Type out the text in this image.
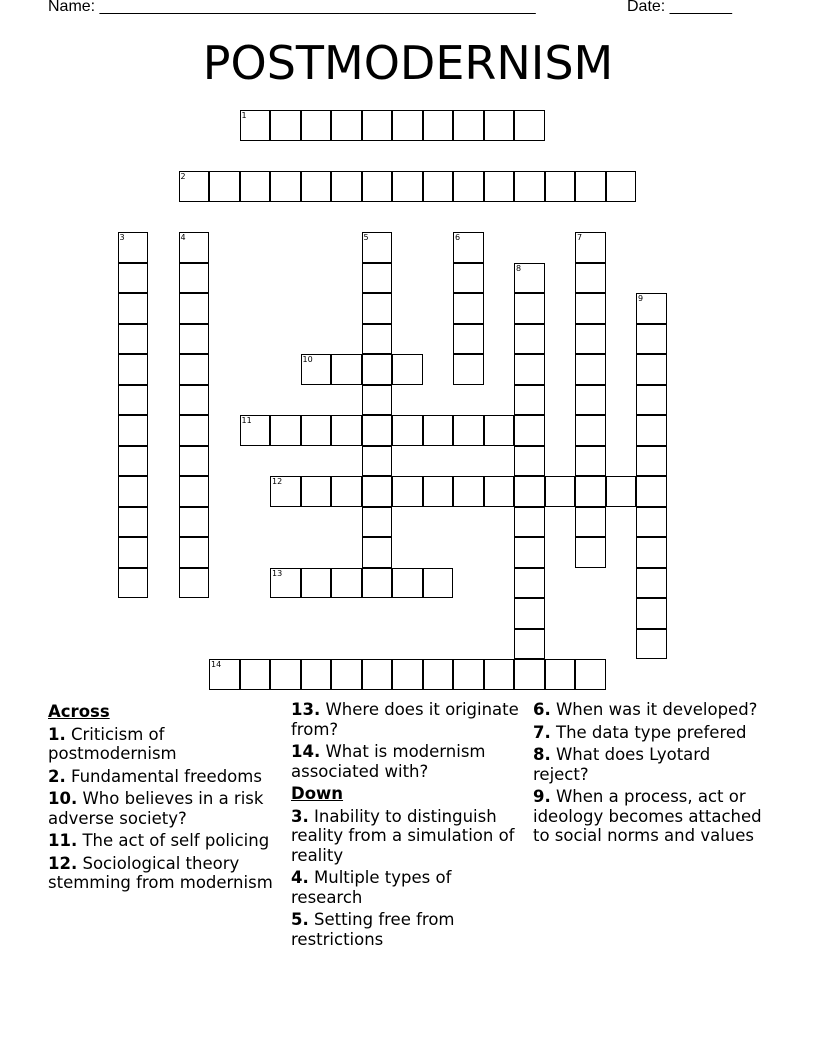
Name: _________________________________________________	Date: _______
POSTMODERNISM
1
2
3	4	5	6	7
8
9
10
11
12
13
14
Across
1. Criticism of postmodernism
2. Fundamental freedoms
10. Who believes in a risk adverse society?
11. The act of self policing
12. Sociological theory stemming from modernism
13. Where does it originate from?
14. What is modernism associated with?
Down
3. Inability to distinguish reality from a simulation of reality
4. Multiple types of research
5. Setting free from restrictions
6. When was it developed?
7. The data type prefered
8. What does Lyotard reject?
9. When a process, act or ideology becomes attached to social norms and values
